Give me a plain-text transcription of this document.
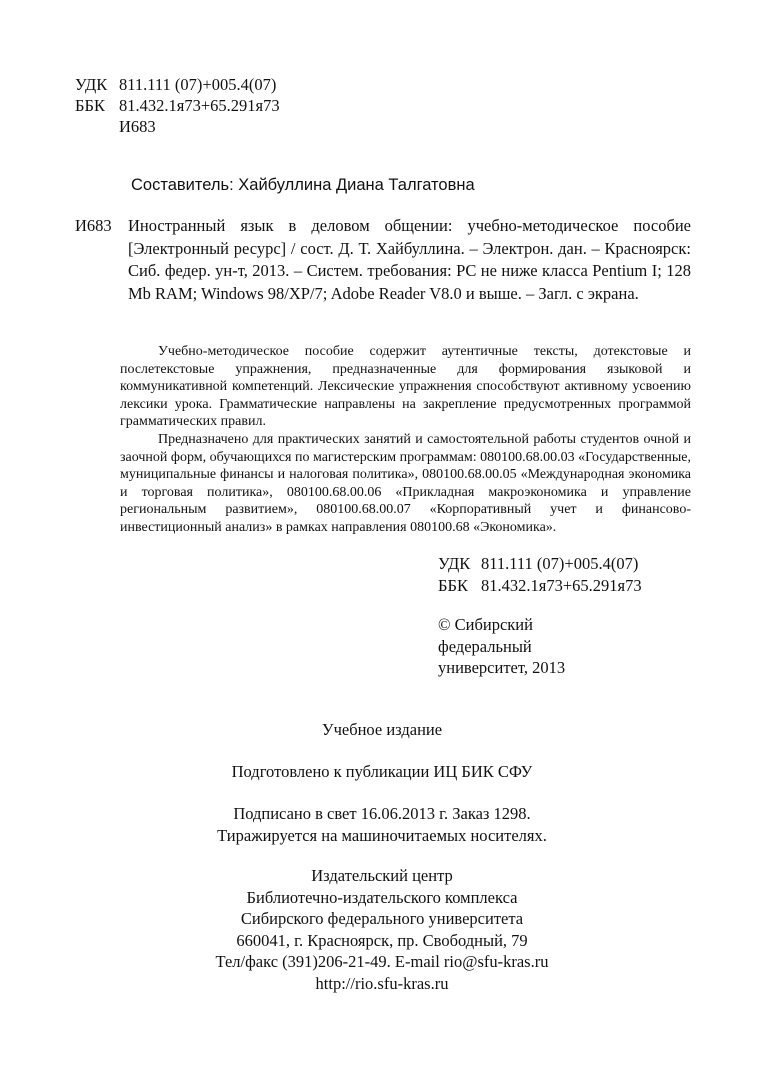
УДК 811.111 (07)+005.4(07)
ББК 81.432.1я73+65.291я73
И683
Составитель: Хайбуллина Диана Талгатовна
И683 Иностранный язык в деловом общении: учебно-методическое пособие [Электронный ресурс] / сост. Д. Т. Хайбуллина. – Электрон. дан. – Красноярск: Сиб. федер. ун-т, 2013. – Систем. требования: PC не ниже класса Pentium I; 128 Mb RAM; Windows 98/XP/7; Adobe Reader V8.0 и выше. – Загл. с экрана.

Учебно-методическое пособие содержит аутентичные тексты, дотекстовые и послетекстовые упражнения, предназначенные для формирования языковой и коммуникативной компетенций. Лексические упражнения способствуют активному усвоению лексики урока. Грамматические направлены на закрепление предусмотренных программой грамматических правил.

Предназначено для практических занятий и самостоятельной работы студентов очной и заочной форм, обучающихся по магистерским программам: 080100.68.00.03 «Государственные, муниципальные финансы и налоговая политика», 080100.68.00.05 «Международная экономика и торговая политика», 080100.68.00.06 «Прикладная макроэкономика и управление региональным развитием», 080100.68.00.07 «Корпоративный учет и финансово-инвестиционный анализ» в рамках направления 080100.68 «Экономика».

УДК 811.111 (07)+005.4(07)
ББК 81.432.1я73+65.291я73
© Сибирский
федеральный
университет, 2013
Учебное издание
Подготовлено к публикации ИЦ БИК СФУ
Подписано в свет 16.06.2013 г. Заказ 1298.
Тиражируется на машиночитаемых носителях.
Издательский центр
Библиотечно-издательского комплекса
Сибирского федерального университета
660041, г. Красноярск, пр. Свободный, 79
Тел/факс (391)206-21-49. E-mail rio@sfu-kras.ru
http://rio.sfu-kras.ru
